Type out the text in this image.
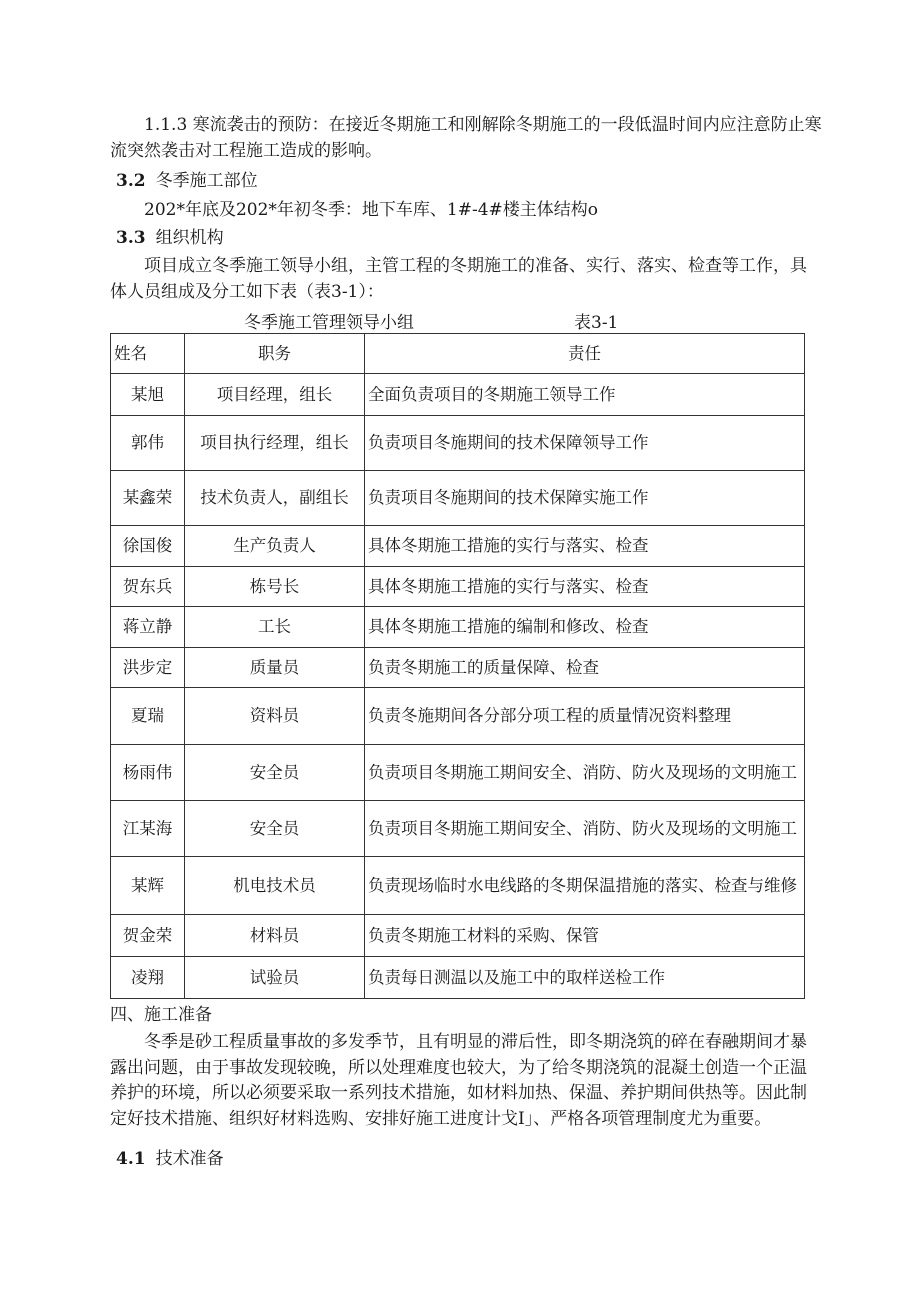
1.1.3 寒流袭击的预防：在接近冬期施工和刚解除冬期施工的一段低温时间内应注意防止寒流突然袭击对工程施工造成的影响。

3.2 冬季施工部位

202*年底及202*年初冬季：地下车库、1#-4#楼主体结构o

3.3 组织机构

项目成立冬季施工领导小组，主管工程的冬期施工的准备、实行、落实、检查等工作，具体人员组成及分工如下表（表3-1）：

冬季施工管理领导小组	表3-1
姓名	职务	责任
某旭	项目经理，组长	全面负责项目的冬期施工领导工作
郭伟	项目执行经理，组长	负责项目冬施期间的技术保障领导工作
某鑫荣	技术负责人，副组长	负责项目冬施期间的技术保障实施工作
徐国俊	生产负责人	具体冬期施工措施的实行与落实、检查
贺东兵	栋号长	具体冬期施工措施的实行与落实、检查
蒋立静	工长	具体冬期施工措施的编制和修改、检查
洪步定	质量员	负责冬期施工的质量保障、检查
夏瑞	资料员	负责冬施期间各分部分项工程的质量情况资料整理
杨雨伟	安全员	负责项目冬期施工期间安全、消防、防火及现场的文明施工
江某海	安全员	负责项目冬期施工期间安全、消防、防火及现场的文明施工
某辉	机电技术员	负责现场临时水电线路的冬期保温措施的落实、检查与维修
贺金荣	材料员	负责冬期施工材料的采购、保管
凌翔	试验员	负责每日测温以及施工中的取样送检工作

四、施工准备

冬季是砂工程质量事故的多发季节，且有明显的滞后性，即冬期浇筑的碎在春融期间才暴露出问题，由于事故发现较晚，所以处理难度也较大，为了给冬期浇筑的混凝土创造一个正温养护的环境，所以必须要采取一系列技术措施，如材料加热、保温、养护期间供热等。因此制定好技术措施、组织好材料选购、安排好施工进度计戈I」、严格各项管理制度尤为重要。

4.1 技术准备
